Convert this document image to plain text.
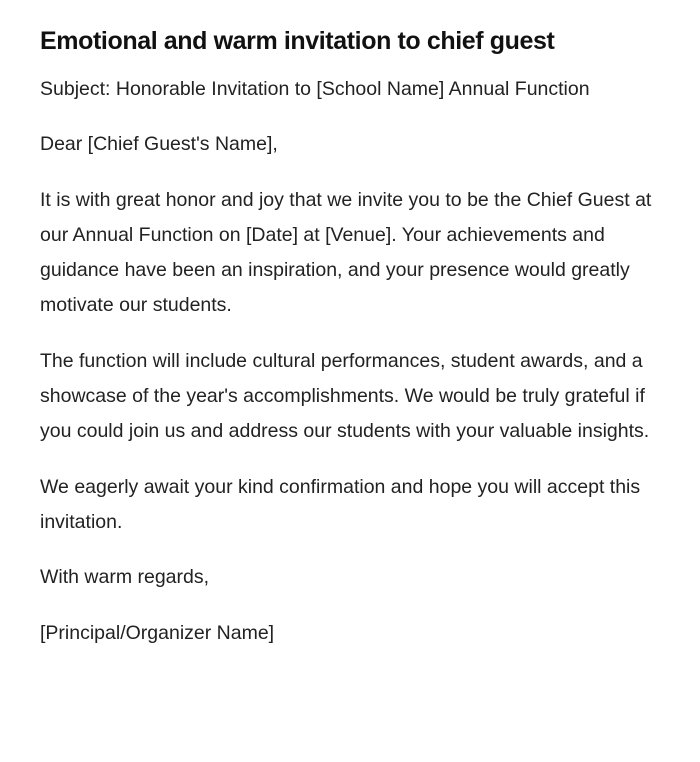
Emotional and warm invitation to chief guest

Subject: Honorable Invitation to [School Name] Annual Function

Dear [Chief Guest's Name],

It is with great honor and joy that we invite you to be the Chief Guest at our Annual Function on [Date] at [Venue]. Your achievements and guidance have been an inspiration, and your presence would greatly motivate our students.

The function will include cultural performances, student awards, and a showcase of the year's accomplishments. We would be truly grateful if you could join us and address our students with your valuable insights.

We eagerly await your kind confirmation and hope you will accept this invitation.

With warm regards,

[Principal/Organizer Name]
